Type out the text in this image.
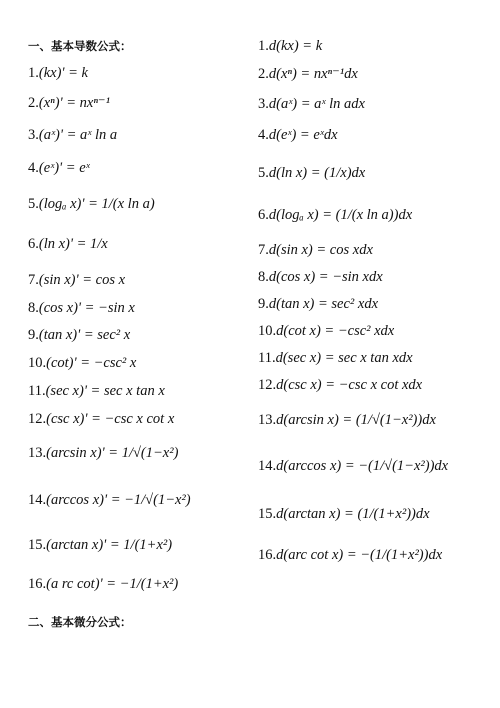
一、基本导数公式：
二、基本微分公式：
1. (kx)' = k
2. (xⁿ)' = nxⁿ⁻¹
3. (aˣ)' = aˣ ln a
4. (eˣ)' = eˣ
5. (logₐ x)' = 1/(x ln a)
6. (ln x)' = 1/x
7. (sin x)' = cos x
8. (cos x)' = −sin x
9. (tan x)' = sec² x
10. (cot)' = −csc² x
11. (sec x)' = sec x tan x
12. (csc x)' = −csc x cot x
13. (arcsin x)' = 1/√(1−x²)
14. (arccos x)' = −1/√(1−x²)
15. (arctan x)' = 1/(1+x²)
16. (a rc cot)' = −1/(1+x²)
1. d(kx) = k
2. d(xⁿ) = nxⁿ⁻¹dx
3. d(aˣ) = aˣ ln adx
4. d(eˣ) = eˣdx
5. d(ln x) = (1/x)dx
6. d(logₐ x) = (1/(x ln a))dx
7. d(sin x) = cos xdx
8. d(cos x) = −sin xdx
9. d(tan x) = sec² xdx
10. d(cot x) = −csc² xdx
11. d(sec x) = sec x tan xdx
12. d(csc x) = −csc x cot xdx
13. d(arcsin x) = (1/√(1−x²))dx
14. d(arccos x) = −(1/√(1−x²))dx
15. d(arctan x) = (1/(1+x²))dx
16. d(arc cot x) = −(1/(1+x²))dx
